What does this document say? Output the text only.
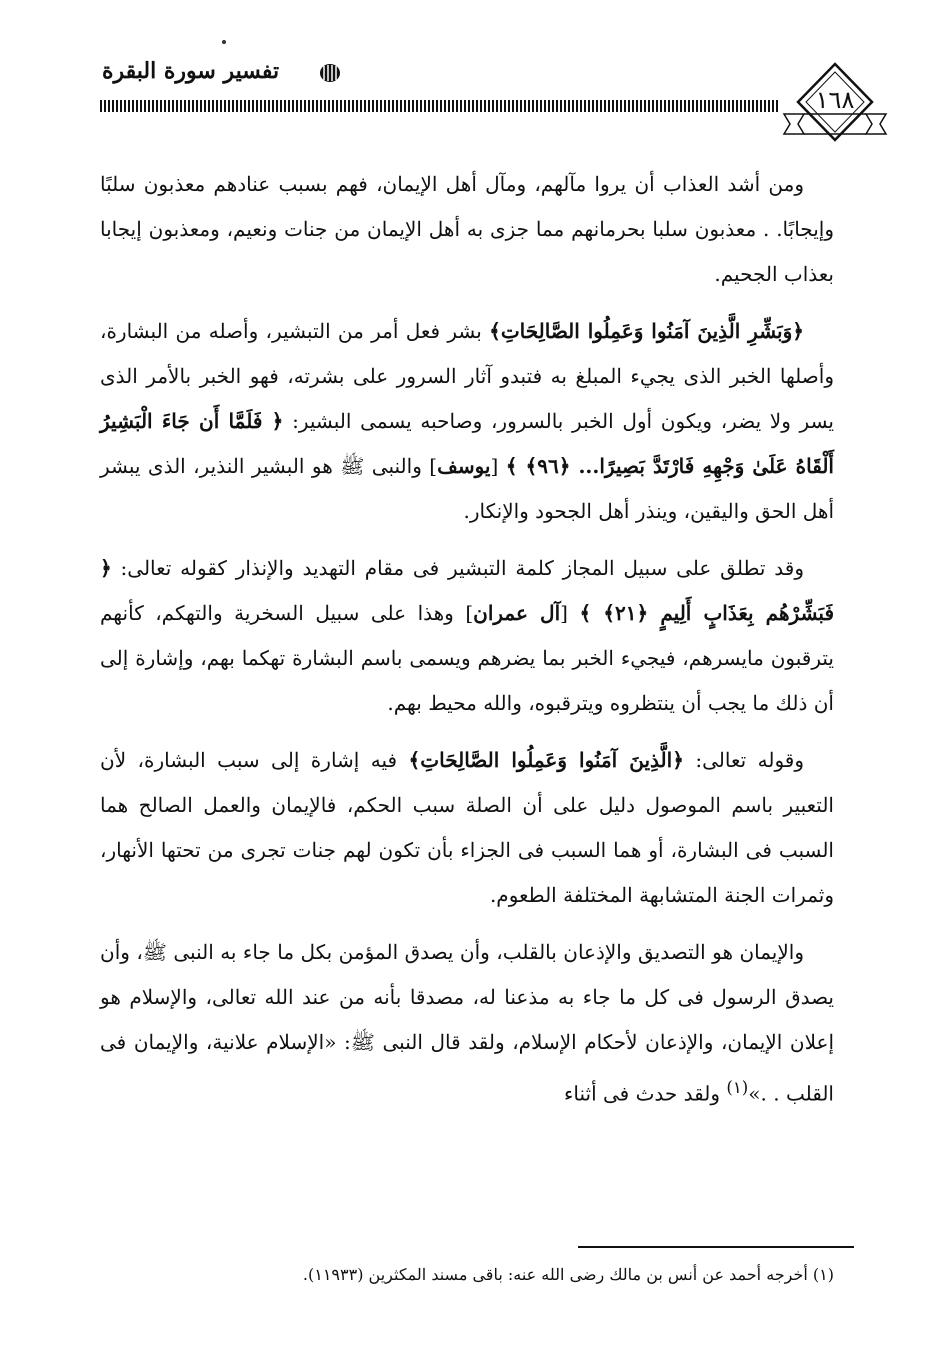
تفسير سورة البقرة
١٦٨

ومن أشد العذاب أن يروا مآلهم، ومآل أهل الإيمان، فهم بسبب عنادهم معذبون سلبًا وإيجابًا. . معذبون سلبا بحرمانهم مما جزى به أهل الإيمان من جنات ونعيم، ومعذبون إيجابا بعذاب الجحيم.

﴿وَبَشِّرِ الَّذِينَ آمَنُوا وَعَمِلُوا الصَّالِحَاتِ﴾ بشر فعل أمر من التبشير، وأصله من البشارة، وأصلها الخبر الذى يجيء المبلغ به فتبدو آثار السرور على بشرته، فهو الخبر بالأمر الذى يسر ولا يضر، ويكون أول الخبر بالسرور، وصاحبه يسمى البشير: ﴿ فَلَمَّا أَن جَاءَ الْبَشِيرُ أَلْقَاهُ عَلَىٰ وَجْهِهِ فَارْتَدَّ بَصِيرًا... ﴿٩٦﴾ ﴾ [يوسف] والنبى ﷺ هو البشير النذير، الذى يبشر أهل الحق واليقين، وينذر أهل الجحود والإنكار.

وقد تطلق على سبيل المجاز كلمة التبشير فى مقام التهديد والإنذار كقوله تعالى: ﴿ فَبَشِّرْهُم بِعَذَابٍ أَلِيمٍ ﴿٢١﴾ ﴾ [آل عمران] وهذا على سبيل السخرية والتهكم، كأنهم يترقبون مايسرهم، فيجيء الخبر بما يضرهم ويسمى باسم البشارة تهكما بهم، وإشارة إلى أن ذلك ما يجب أن ينتظروه ويترقبوه، والله محيط بهم.

وقوله تعالى: ﴿الَّذِينَ آمَنُوا وَعَمِلُوا الصَّالِحَاتِ﴾ فيه إشارة إلى سبب البشارة، لأن التعبير باسم الموصول دليل على أن الصلة سبب الحكم، فالإيمان والعمل الصالح هما السبب فى البشارة، أو هما السبب فى الجزاء بأن تكون لهم جنات تجرى من تحتها الأنهار، وثمرات الجنة المتشابهة المختلفة الطعوم.

والإيمان هو التصديق والإذعان بالقلب، وأن يصدق المؤمن بكل ما جاء به النبى ﷺ، وأن يصدق الرسول فى كل ما جاء به مذعنا له، مصدقا بأنه من عند الله تعالى، والإسلام هو إعلان الإيمان، والإذعان لأحكام الإسلام، ولقد قال النبى ﷺ: «الإسلام علانية، والإيمان فى القلب . .»$^{(١)}$ ولقد حدث فى أثناء

(١) أخرجه أحمد عن أنس بن مالك رضى الله عنه: باقى مسند المكثرين (١١٩٣٣).
